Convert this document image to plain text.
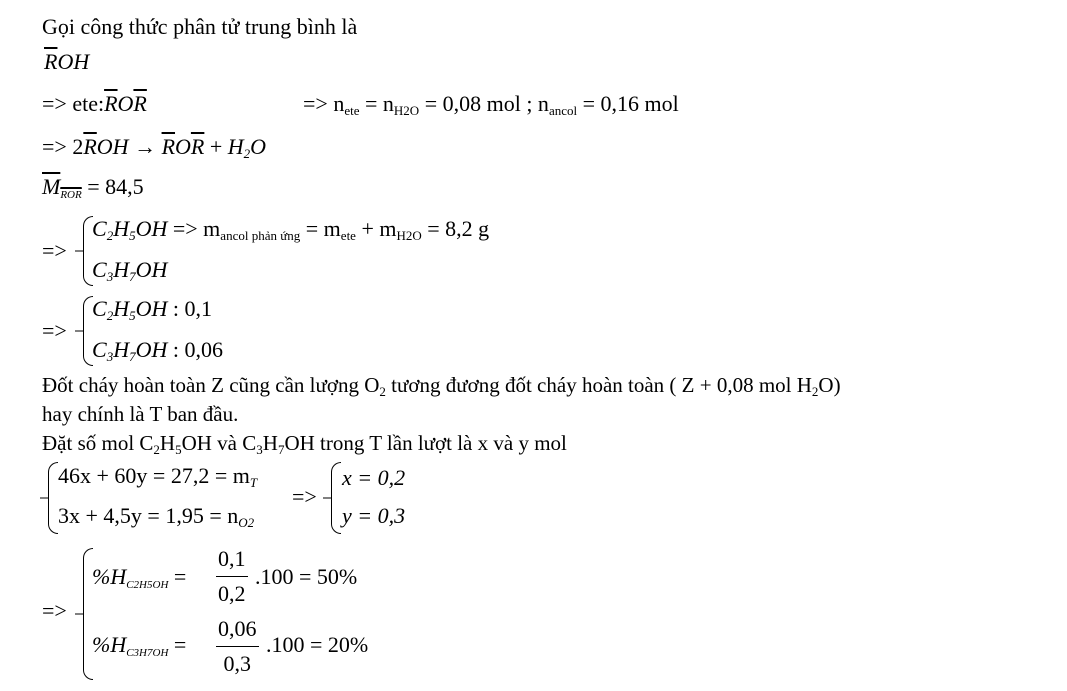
Gọi công thức phân tử trung bình là
$\overline{R}OH$
=> $ete:\overline{R}O\overline{R}$	=> $n_{ete} = n_{H2O} = 0,08$ mol ; $n_{ancol} = 0,16$ mol
=> $2\overline{R}OH \to \overline{R}O\overline{R} + H_2O$
$M_{ROR} = 84,5$
=>
$C_2H_5OH => m_{ancol phản ứng} = m_{ete} + m_{H2O} = 8,2$ g
$C_3H_7OH$
=>
$C_2H_5OH$ : 0,1
$C_3H_7OH$ : 0,06
Đốt cháy hoàn toàn Z cũng cần lượng $O_2$ tương đương đốt cháy hoàn toàn ( Z + 0,08 mol $H_2O$)
hay chính là T ban đầu.
Đặt số mol $C_2H_5OH$ và $C_3H_7OH$ trong T lần lượt là x và y mol
$46x + 60y = 27,2 = m_T$
$3x + 4,5y = 1,95 = n_{O2}$
=>
x = 0,2
y = 0,3
=>
$\%H_{C2H5OH} = \frac{0,1}{0,2} .100 = 50\%$
$\%H_{C3H7OH} = \frac{0,06}{0,3} .100 = 20\%$
